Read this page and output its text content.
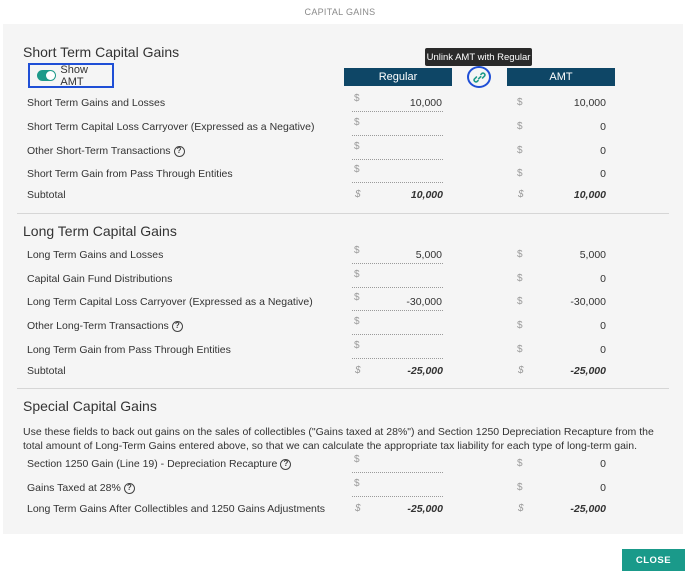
CAPITAL GAINS
Short Term Capital Gains
Show AMT
Unlink AMT with Regular
Regular	AMT
Short Term Gains and Losses	$	10,000	$	10,000
Short Term Capital Loss Carryover (Expressed as a Negative)	$	$	0
Other Short-Term Transactions ?	$	$	0
Short Term Gain from Pass Through Entities	$	$	0
Subtotal	$	10,000	$	10,000
Long Term Capital Gains
Long Term Gains and Losses	$	5,000	$	5,000
Capital Gain Fund Distributions	$	$	0
Long Term Capital Loss Carryover (Expressed as a Negative)	$	-30,000	$	-30,000
Other Long-Term Transactions ?	$	$	0
Long Term Gain from Pass Through Entities	$	$	0
Subtotal	$	-25,000	$	-25,000
Special Capital Gains
Use these fields to back out gains on the sales of collectibles ("Gains taxed at 28%") and Section 1250 Depreciation Recapture from the total amount of Long-Term Gains entered above, so that we can calculate the appropriate tax liability for each type of long-term gain.
Section 1250 Gain (Line 19) - Depreciation Recapture ?	$	$	0
Gains Taxed at 28% ?	$	$	0
Long Term Gains After Collectibles and 1250 Gains Adjustments	$	-25,000	$	-25,000
CLOSE
